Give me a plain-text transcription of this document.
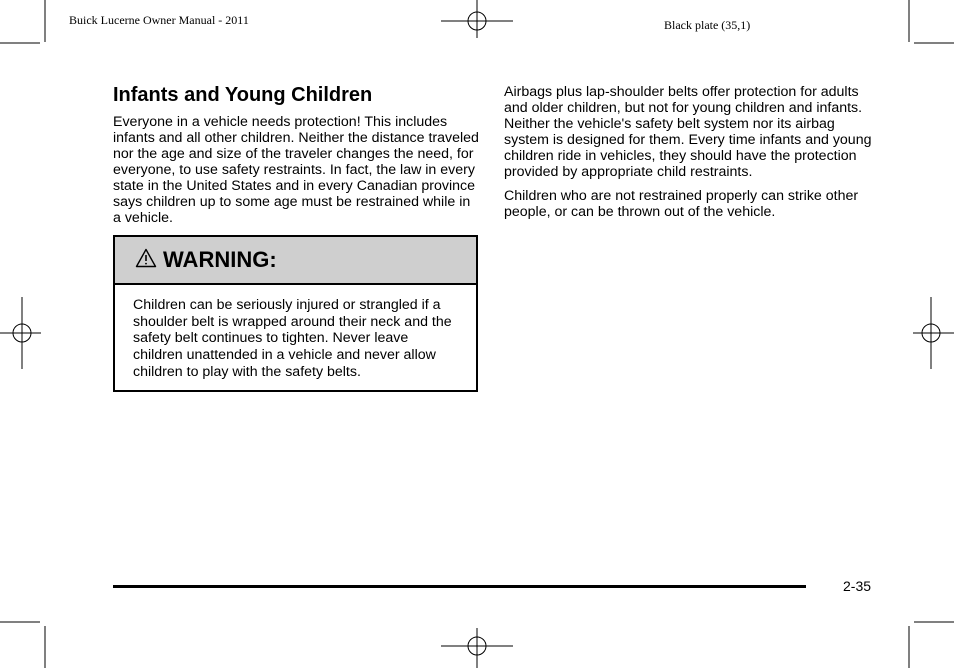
Buick Lucerne Owner Manual - 2011	Black plate (35,1)
Infants and Young Children

Everyone in a vehicle needs protection! This includes infants and all other children. Neither the distance traveled nor the age and size of the traveler changes the need, for everyone, to use safety restraints. In fact, the law in every state in the United States and in every Canadian province says children up to some age must be restrained while in a vehicle.

WARNING:
Children can be seriously injured or strangled if a shoulder belt is wrapped around their neck and the safety belt continues to tighten. Never leave children unattended in a vehicle and never allow children to play with the safety belts.

Airbags plus lap-shoulder belts offer protection for adults and older children, but not for young children and infants. Neither the vehicle's safety belt system nor its airbag system is designed for them. Every time infants and young children ride in vehicles, they should have the protection provided by appropriate child restraints.

Children who are not restrained properly can strike other people, or can be thrown out of the vehicle.

2-35
